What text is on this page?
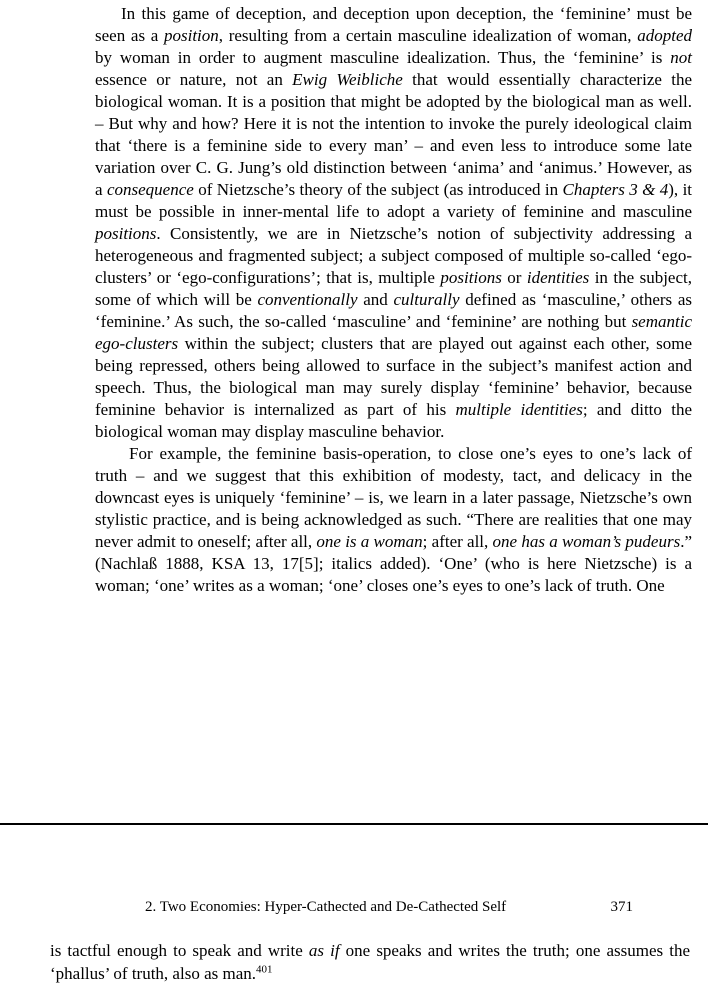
In this game of deception, and deception upon deception, the ‘feminine’ must be seen as a position, resulting from a certain masculine idealization of woman, adopted by woman in order to augment masculine idealization. Thus, the ‘feminine’ is not essence or nature, not an Ewig Weibliche that would essentially characterize the biological woman. It is a position that might be adopted by the biological man as well. – But why and how? Here it is not the intention to invoke the purely ideological claim that ‘there is a feminine side to every man’ – and even less to introduce some late variation over C. G. Jung’s old distinction between ‘anima’ and ‘animus.’ However, as a consequence of Nietzsche’s theory of the subject (as introduced in Chapters 3 & 4), it must be possible in inner-mental life to adopt a variety of feminine and masculine positions. Consistently, we are in Nietzsche’s notion of subjectivity addressing a heterogeneous and fragmented subject; a subject composed of multiple so-called ‘ego-clusters’ or ‘ego-configurations’; that is, multiple positions or identities in the subject, some of which will be conventionally and culturally defined as ‘masculine,’ others as ‘feminine.’ As such, the so-called ‘masculine’ and ‘feminine’ are nothing but semantic ego-clusters within the subject; clusters that are played out against each other, some being repressed, others being allowed to surface in the subject’s manifest action and speech. Thus, the biological man may surely display ‘feminine’ behavior, because feminine behavior is internalized as part of his multiple identities; and ditto the biological woman may display masculine behavior.

For example, the feminine basis-operation, to close one’s eyes to one’s lack of truth – and we suggest that this exhibition of modesty, tact, and delicacy in the downcast eyes is uniquely ‘feminine’ – is, we learn in a later passage, Nietzsche’s own stylistic practice, and is being acknowledged as such. “There are realities that one may never admit to oneself; after all, one is a woman; after all, one has a woman’s pudeurs.” (Nachlaß 1888, KSA 13, 17[5]; italics added). ‘One’ (who is here Nietzsche) is a woman; ‘one’ writes as a woman; ‘one’ closes one’s eyes to one’s lack of truth. One

2. Two Economies: Hyper-Cathected and De-Cathected Self	371

is tactful enough to speak and write as if one speaks and writes the truth; one assumes the ‘phallus’ of truth, also as man.$^{401}$
